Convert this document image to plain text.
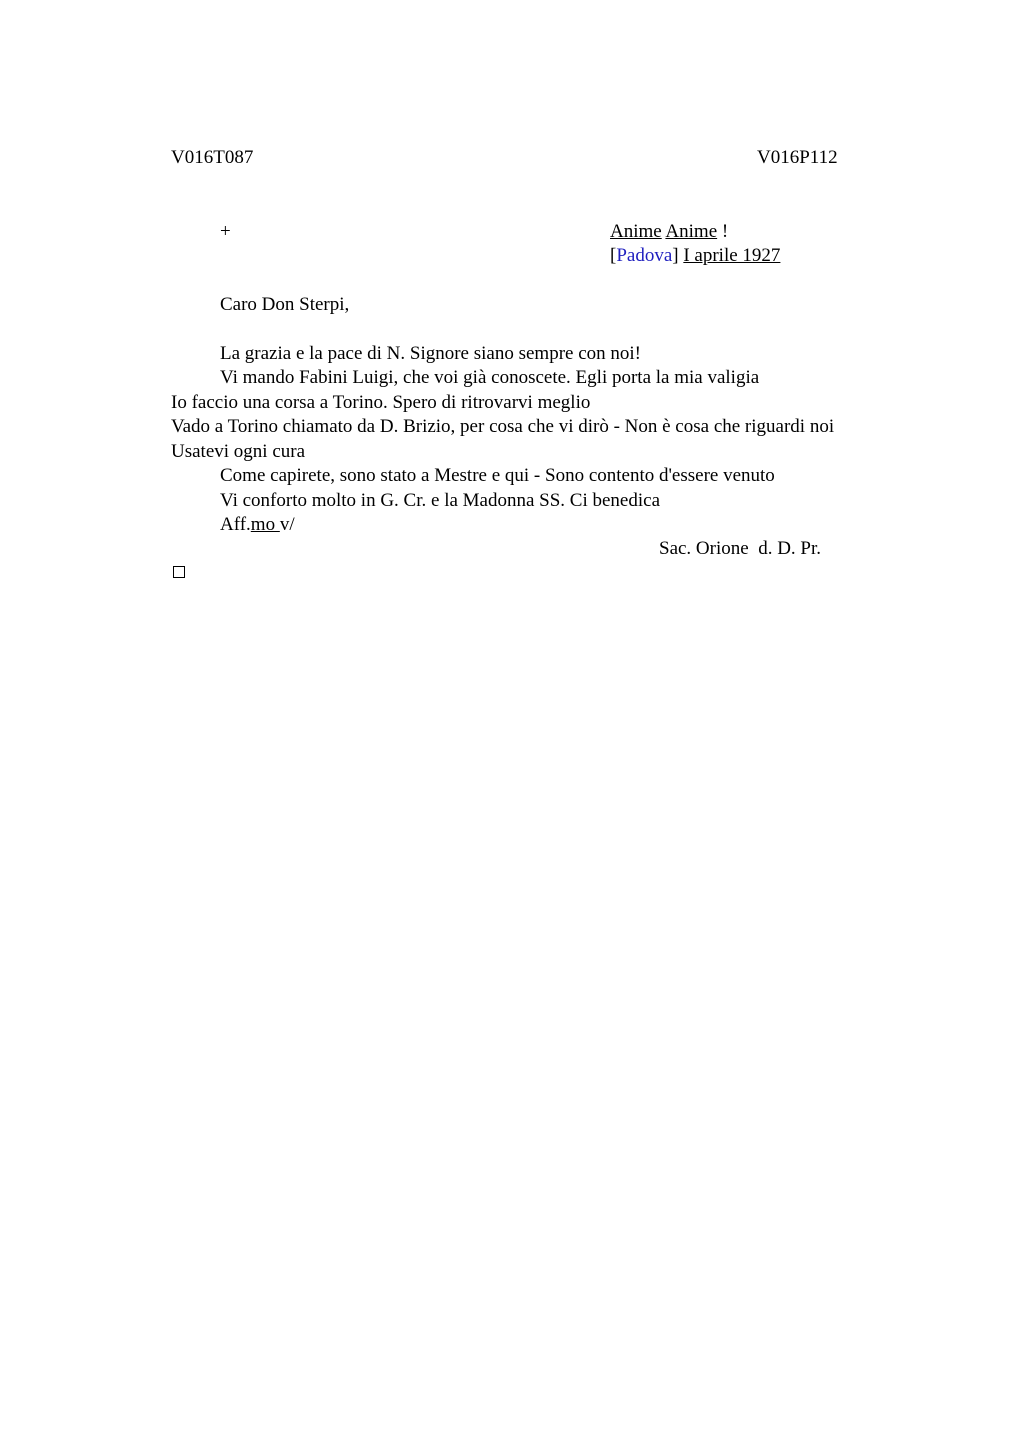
V016T087	V016P112
+	Anime Anime !
[Padova] I aprile 1927
Caro Don Sterpi,
La grazia e la pace di N. Signore siano sempre con noi!
Vi mando Fabini Luigi, che voi già conoscete. Egli porta la mia valigia
Io faccio una corsa a Torino. Spero di ritrovarvi meglio
Vado a Torino chiamato da D. Brizio, per cosa che vi dirò - Non è cosa che riguardi noi
Usatevi ogni cura
Come capirete, sono stato a Mestre e qui - Sono contento d'essere venuto
Vi conforto molto in G. Cr. e la Madonna SS. Ci benedica
Aff.mo v/
Sac. Orione  d. D. Pr.
